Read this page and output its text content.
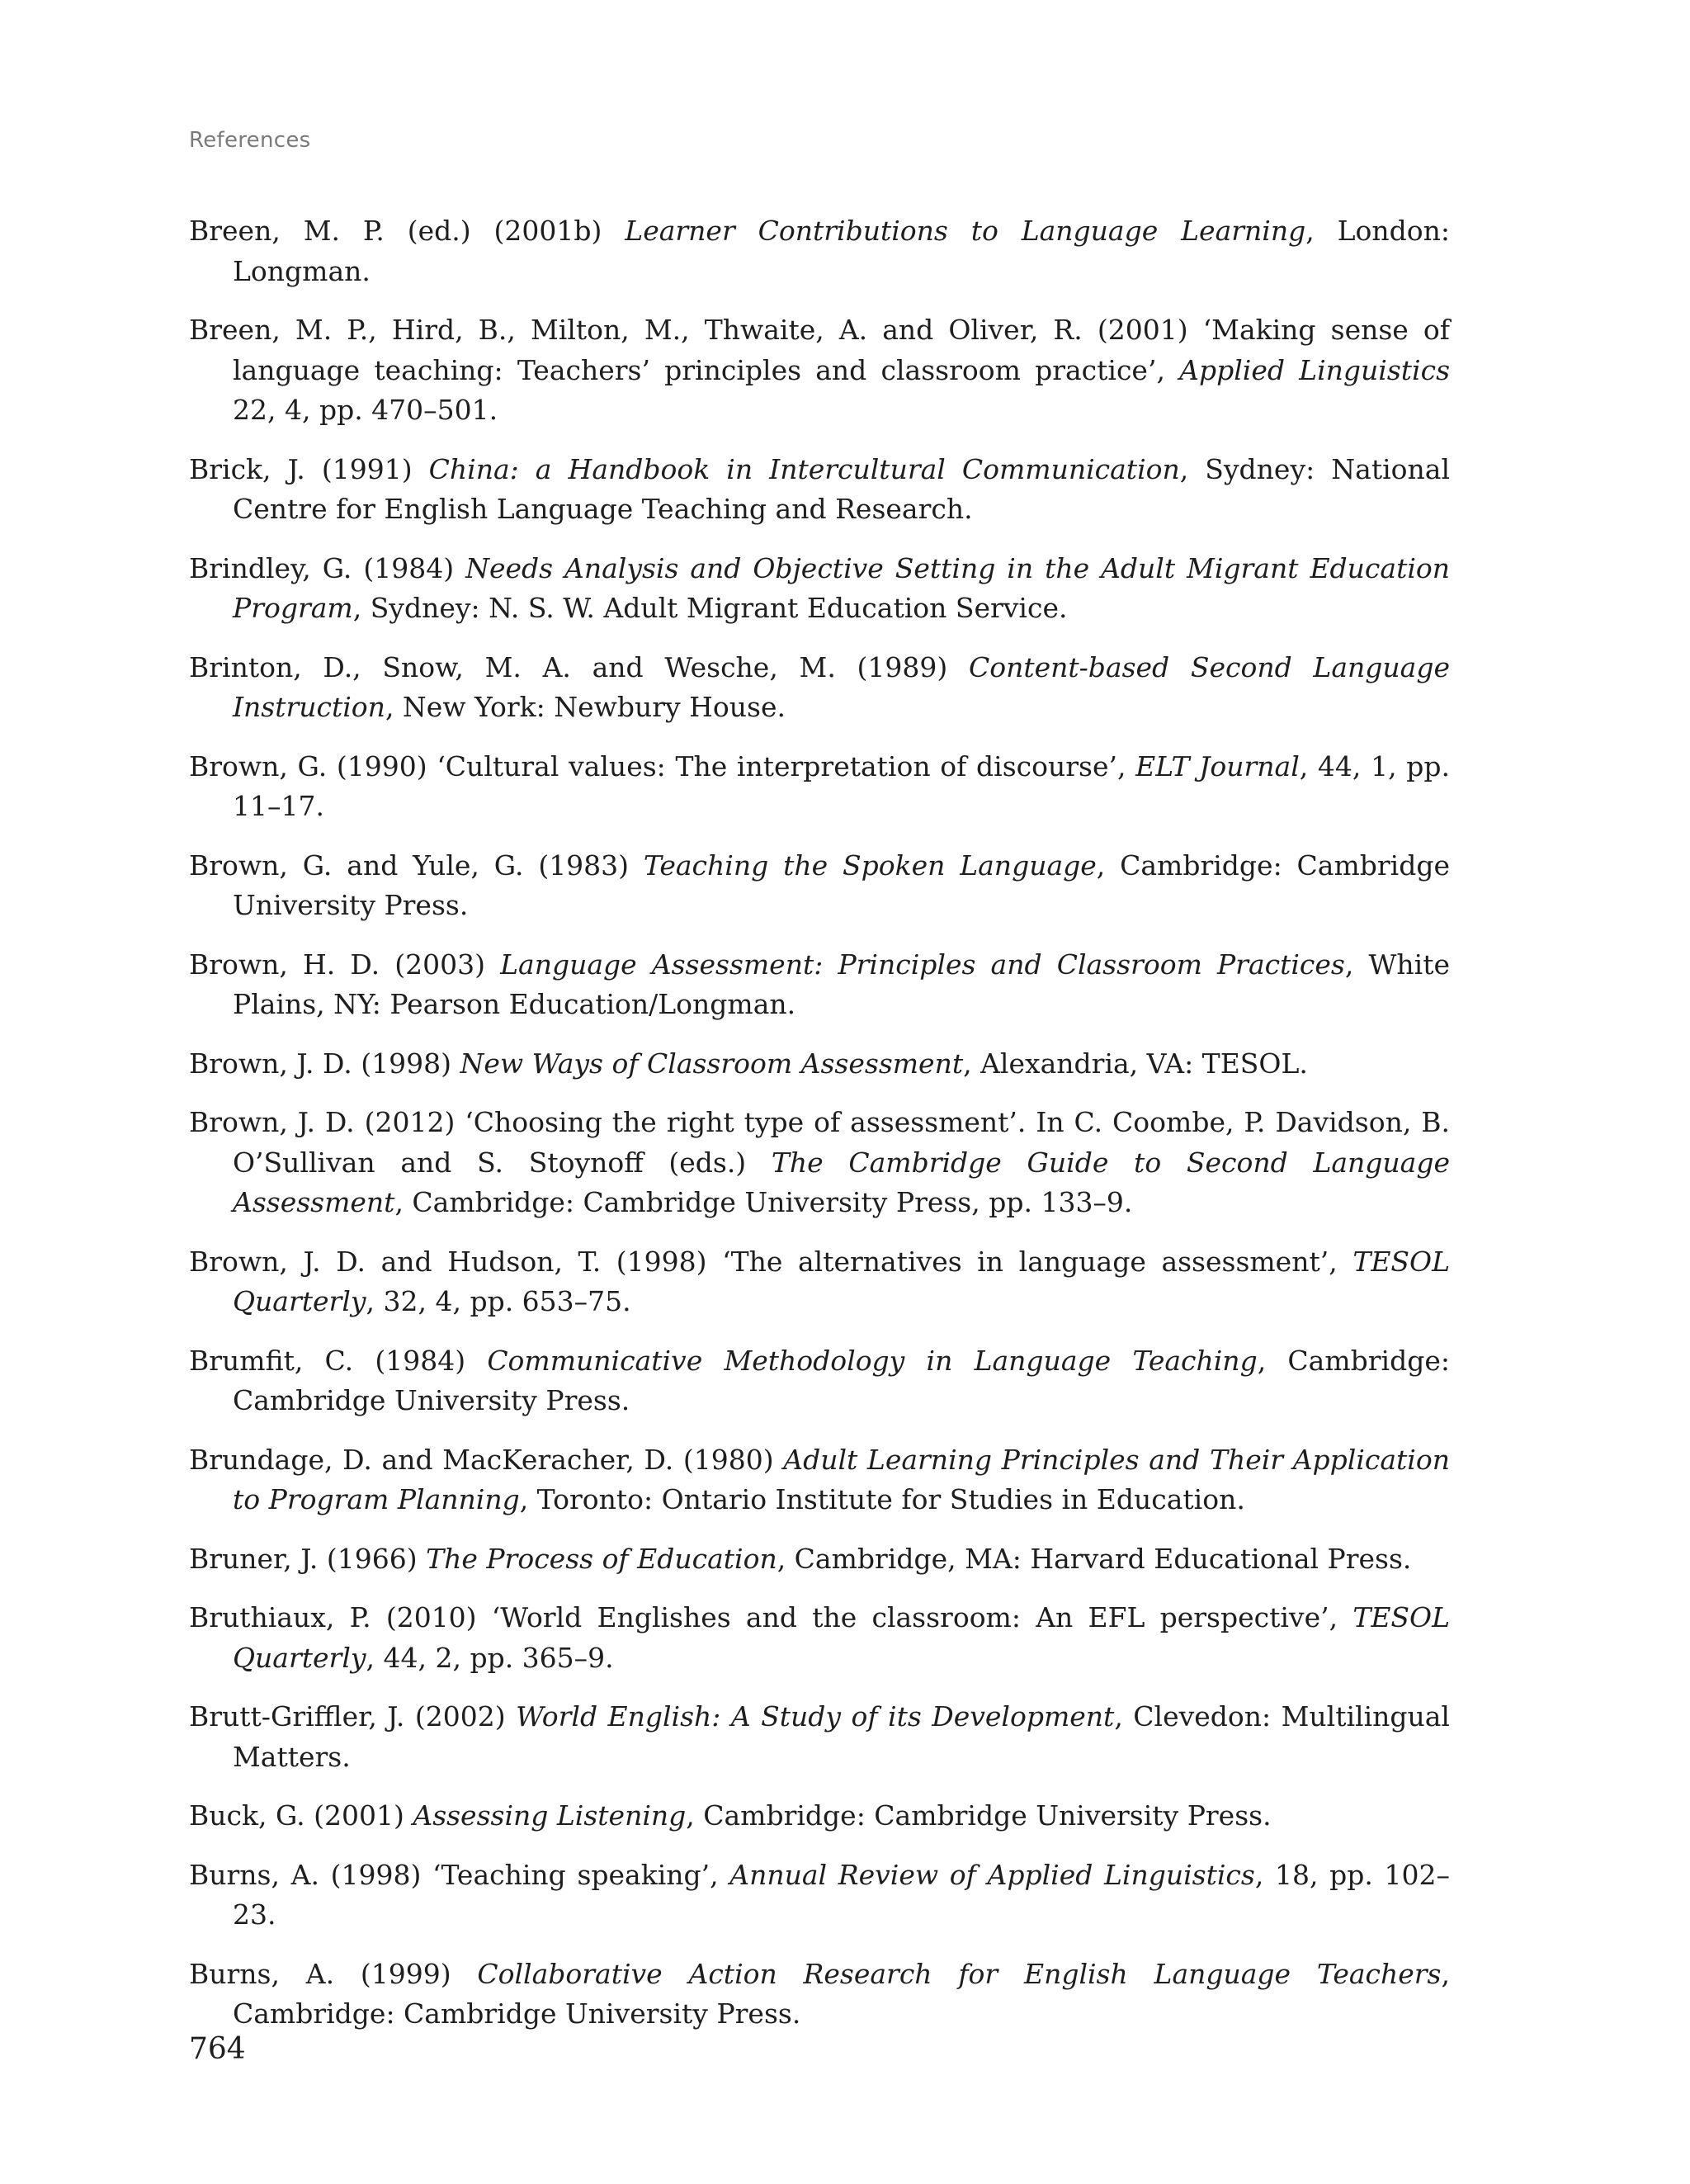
References

Breen, M. P. (ed.) (2001b) Learner Contributions to Language Learning, London: Longman.

Breen, M. P., Hird, B., Milton, M., Thwaite, A. and Oliver, R. (2001) ‘Making sense of language teaching: Teachers’ principles and classroom practice’, Applied Linguistics 22, 4, pp. 470–501.

Brick, J. (1991) China: a Handbook in Intercultural Communication, Sydney: National Centre for English Language Teaching and Research.

Brindley, G. (1984) Needs Analysis and Objective Setting in the Adult Migrant Education Program, Sydney: N. S. W. Adult Migrant Education Service.

Brinton, D., Snow, M. A. and Wesche, M. (1989) Content-based Second Language Instruction, New York: Newbury House.

Brown, G. (1990) ‘Cultural values: The interpretation of discourse’, ELT Journal, 44, 1, pp. 11–17.

Brown, G. and Yule, G. (1983) Teaching the Spoken Language, Cambridge: Cambridge University Press.

Brown, H. D. (2003) Language Assessment: Principles and Classroom Practices, White Plains, NY: Pearson Education/Longman.

Brown, J. D. (1998) New Ways of Classroom Assessment, Alexandria, VA: TESOL.

Brown, J. D. (2012) ‘Choosing the right type of assessment’. In C. Coombe, P. Davidson, B. O’Sullivan and S. Stoynoff (eds.) The Cambridge Guide to Second Language Assessment, Cambridge: Cambridge University Press, pp. 133–9.

Brown, J. D. and Hudson, T. (1998) ‘The alternatives in language assessment’, TESOL Quarterly, 32, 4, pp. 653–75.

Brumfit, C. (1984) Communicative Methodology in Language Teaching, Cambridge: Cambridge University Press.

Brundage, D. and MacKeracher, D. (1980) Adult Learning Principles and Their Application to Program Planning, Toronto: Ontario Institute for Studies in Education.

Bruner, J. (1966) The Process of Education, Cambridge, MA: Harvard Educational Press.

Bruthiaux, P. (2010) ‘World Englishes and the classroom: An EFL perspective’, TESOL Quarterly, 44, 2, pp. 365–9.

Brutt-Griffler, J. (2002) World English: A Study of its Development, Clevedon: Multilingual Matters.

Buck, G. (2001) Assessing Listening, Cambridge: Cambridge University Press.

Burns, A. (1998) ‘Teaching speaking’, Annual Review of Applied Linguistics, 18, pp. 102–23.

Burns, A. (1999) Collaborative Action Research for English Language Teachers, Cambridge: Cambridge University Press.

764
